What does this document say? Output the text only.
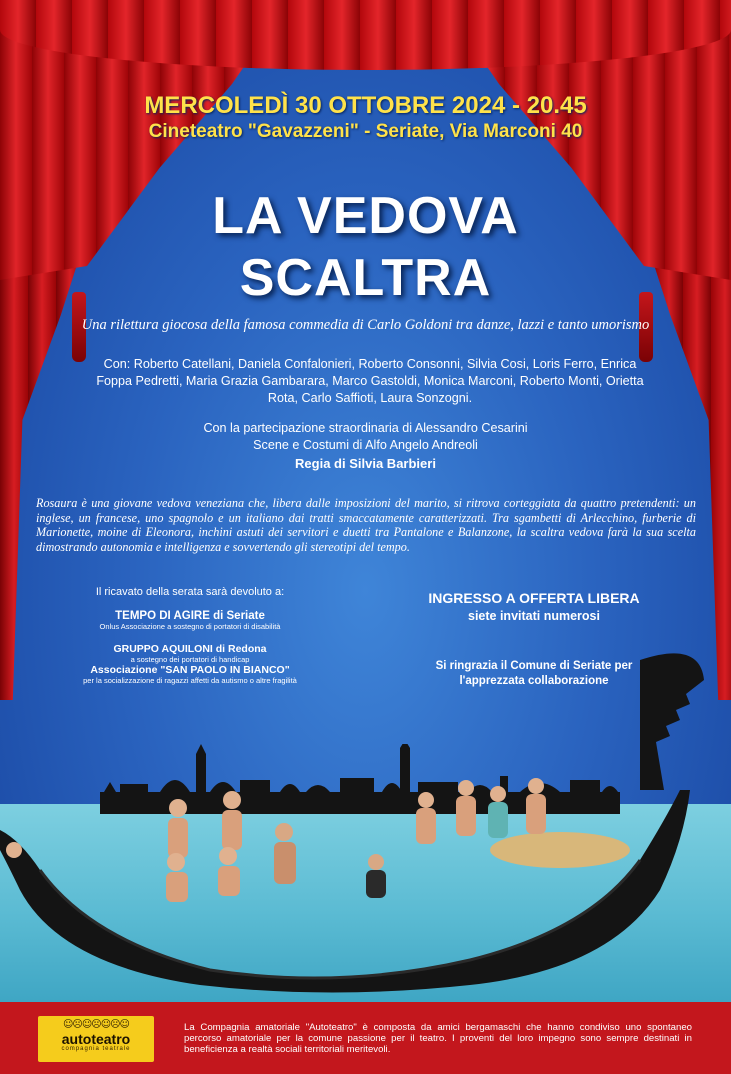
MERCOLEDÌ 30 OTTOBRE 2024 - 20.45
Cineteatro "Gavazzeni" - Seriate, Via Marconi 40
LA VEDOVA
SCALTRA
Una rilettura giocosa della famosa commedia di Carlo Goldoni tra danze, lazzi e tanto umorismo
Con: Roberto Catellani, Daniela Confalonieri, Roberto Consonni, Silvia Cosi, Loris Ferro, Enrica Foppa Pedretti, Maria Grazia Gambarara, Marco Gastoldi, Monica Marconi, Roberto Monti, Orietta Rota, Carlo Saffioti, Laura Sonzogni.
Con la partecipazione straordinaria di Alessandro Cesarini
Scene e Costumi di Alfo Angelo Andreoli
Regia di Silvia Barbieri
Rosaura è una giovane vedova veneziana che, libera dalle imposizioni del marito, si ritrova corteggiata da quattro pretendenti: un inglese, un francese, uno spagnolo e un italiano dai tratti smaccatamente caratterizzati. Tra sgambetti di Arlecchino, furberie di Marionette, moine di Eleonora, inchini astuti dei servitori e duetti tra Pantalone e Balanzone, la scaltra vedova farà la sua scelta dimostrando autonomia e intelligenza e sovvertendo gli stereotipi del tempo.
Il ricavato della serata sarà devoluto a:
TEMPO DI AGIRE di Seriate
Onlus Associazione a sostegno di portatori di disabilità
GRUPPO AQUILONI di Redona
a sostegno dei portatori di handicap
Associazione "SAN PAOLO IN BIANCO"
per la socializzazione di ragazzi affetti da autismo o altre fragilità
INGRESSO A OFFERTA LIBERA
siete invitati numerosi
Si ringrazia il Comune di Seriate per
l'apprezzata collaborazione
☺☹☺☹☺☹☺
autoteatro
compagnia teatrale
La Compagnia amatoriale "Autoteatro" è composta da amici bergamaschi che hanno condiviso uno spontaneo percorso amatoriale per la comune passione per il teatro. I proventi del loro impegno sono sempre destinati in beneficienza a realtà sociali territoriali meritevoli.
